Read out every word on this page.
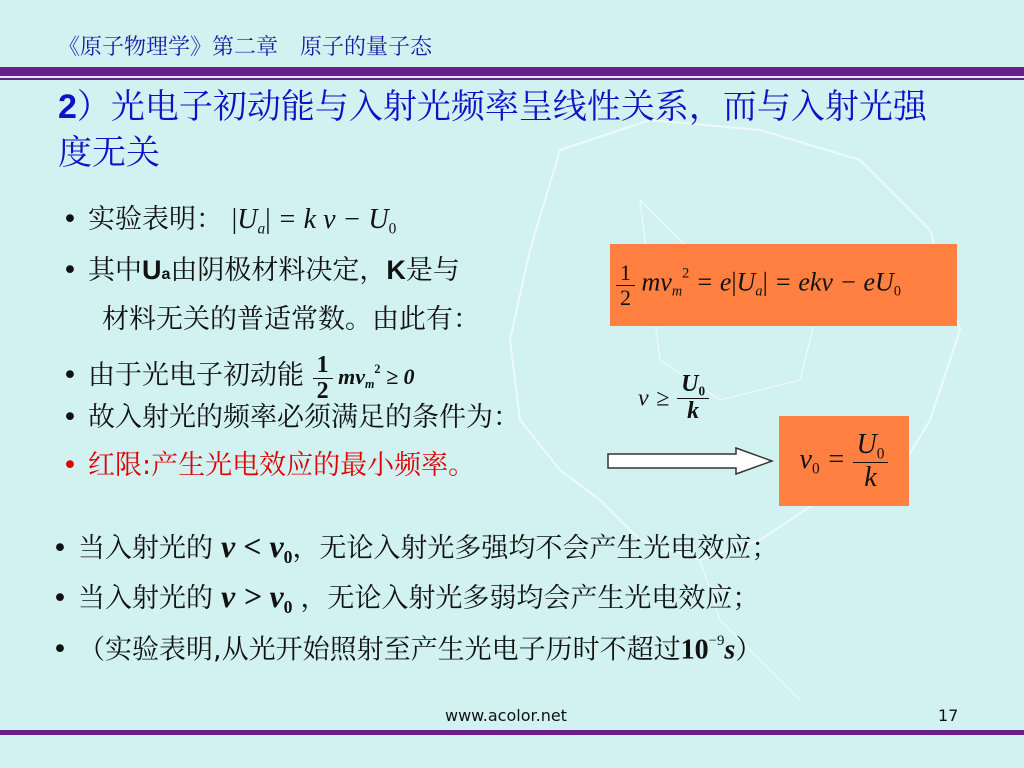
《原子物理学》第二章　原子的量子态
2）光电子初动能与入射光频率呈线性关系，而与入射光强度无关
• 实验表明： $|U_a| = k$ $\nu - U_0$
• 其中Ua由阴极材料决定，K是与
材料无关的普适常数。由此有：
$\frac{1}{2} mv_m^2 = e|U_a| = ek\nu - eU_0$
• 由于光电子初动能 $\frac{1}{2} mv_m^2 \ge 0$
• 故入射光的频率必须满足的条件为：
$\nu \ge \frac{U_0}{k}$
• 红限:产生光电效应的最小频率。	$\nu_0 = \frac{U_0}{k}$
• 当入射光的 $\nu < \nu_0$，无论入射光多强均不会产生光电效应；
• 当入射光的 $\nu > \nu_0$ ，无论入射光多弱均会产生光电效应；
• （实验表明,从光开始照射至产生光电子历时不超过$10^{-9}s$）
www.acolor.net	17
